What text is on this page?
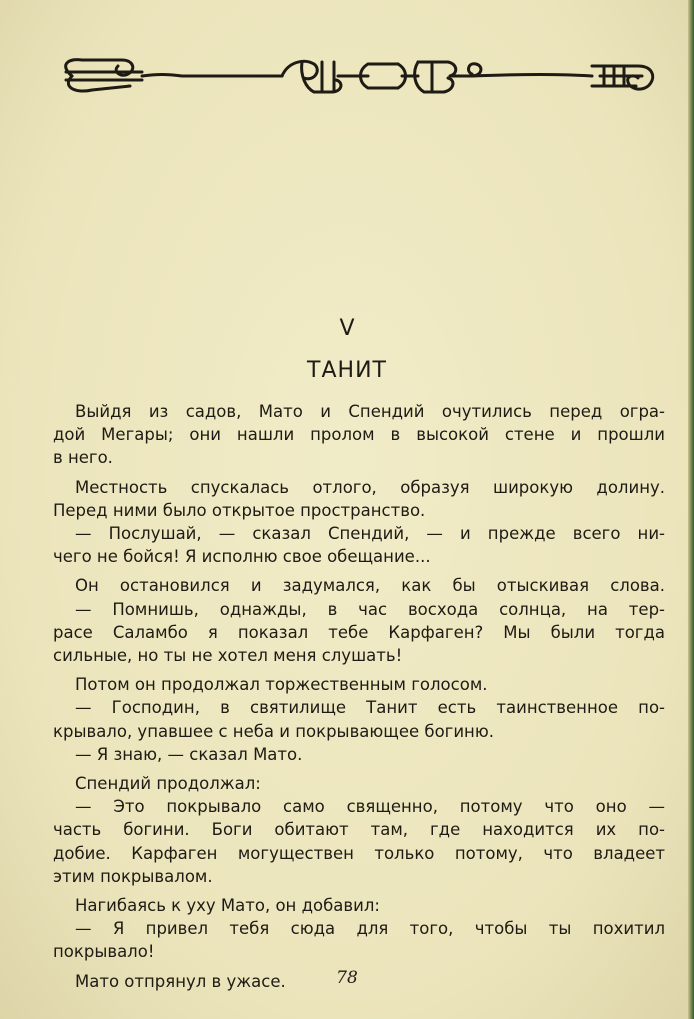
V
ТАНИТ

Выйдя из садов, Мато и Спендий очутились перед огра-
дой Мегары; они нашли пролом в высокой стене и прошли
в него.

Местность спускалась отлого, образуя широкую долину.
Перед ними было открытое пространство.

— Послушай, — сказал Спендий, — и прежде всего ни-
чего не бойся! Я исполню свое обещание...

Он остановился и задумался, как бы отыскивая слова.

— Помнишь, однажды, в час восхода солнца, на тер-
расе Саламбо я показал тебе Карфаген? Мы были тогда
сильные, но ты не хотел меня слушать!

Потом он продолжал торжественным голосом.

— Господин, в святилище Танит есть таинственное по-
крывало, упавшее с неба и покрывающее богиню.

— Я знаю, — сказал Мато.

Спендий продолжал:

— Это покрывало само священно, потому что оно —
часть богини. Боги обитают там, где находится их по-
добие. Карфаген могуществен только потому, что владеет
этим покрывалом.

Нагибаясь к уху Мато, он добавил:

— Я привел тебя сюда для того, чтобы ты похитил
покрывало!

Мато отпрянул в ужасе.	78
